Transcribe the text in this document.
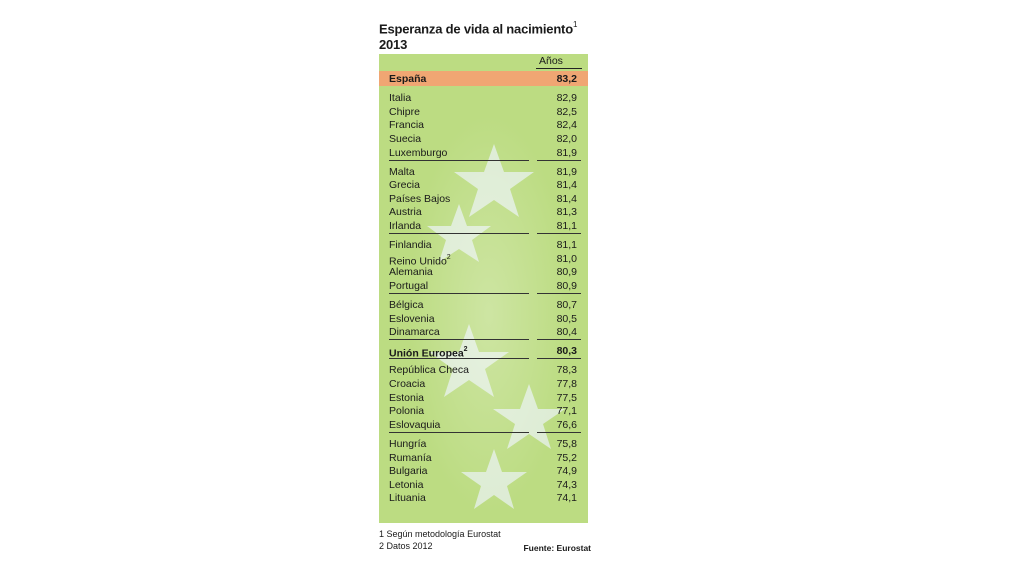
Esperanza de vida al nacimiento$^1$
2013
Años
España	83,2
Italia	82,9
Chipre	82,5
Francia	82,4
Suecia	82,0
Luxemburgo	81,9
Malta	81,9
Grecia	81,4
Países Bajos	81,4
Austria	81,3
Irlanda	81,1
Finlandia	81,1
Reino Unido$^2$	81,0
Alemania	80,9
Portugal	80,9
Bélgica	80,7
Eslovenia	80,5
Dinamarca	80,4
Unión Europea$^2$	80,3
República Checa	78,3
Croacia	77,8
Estonia	77,5
Polonia	77,1
Eslovaquia	76,6
Hungría	75,8
Rumanía	75,2
Bulgaria	74,9
Letonia	74,3
Lituania	74,1
1 Según metodología Eurostat
2 Datos 2012	Fuente: Eurostat
